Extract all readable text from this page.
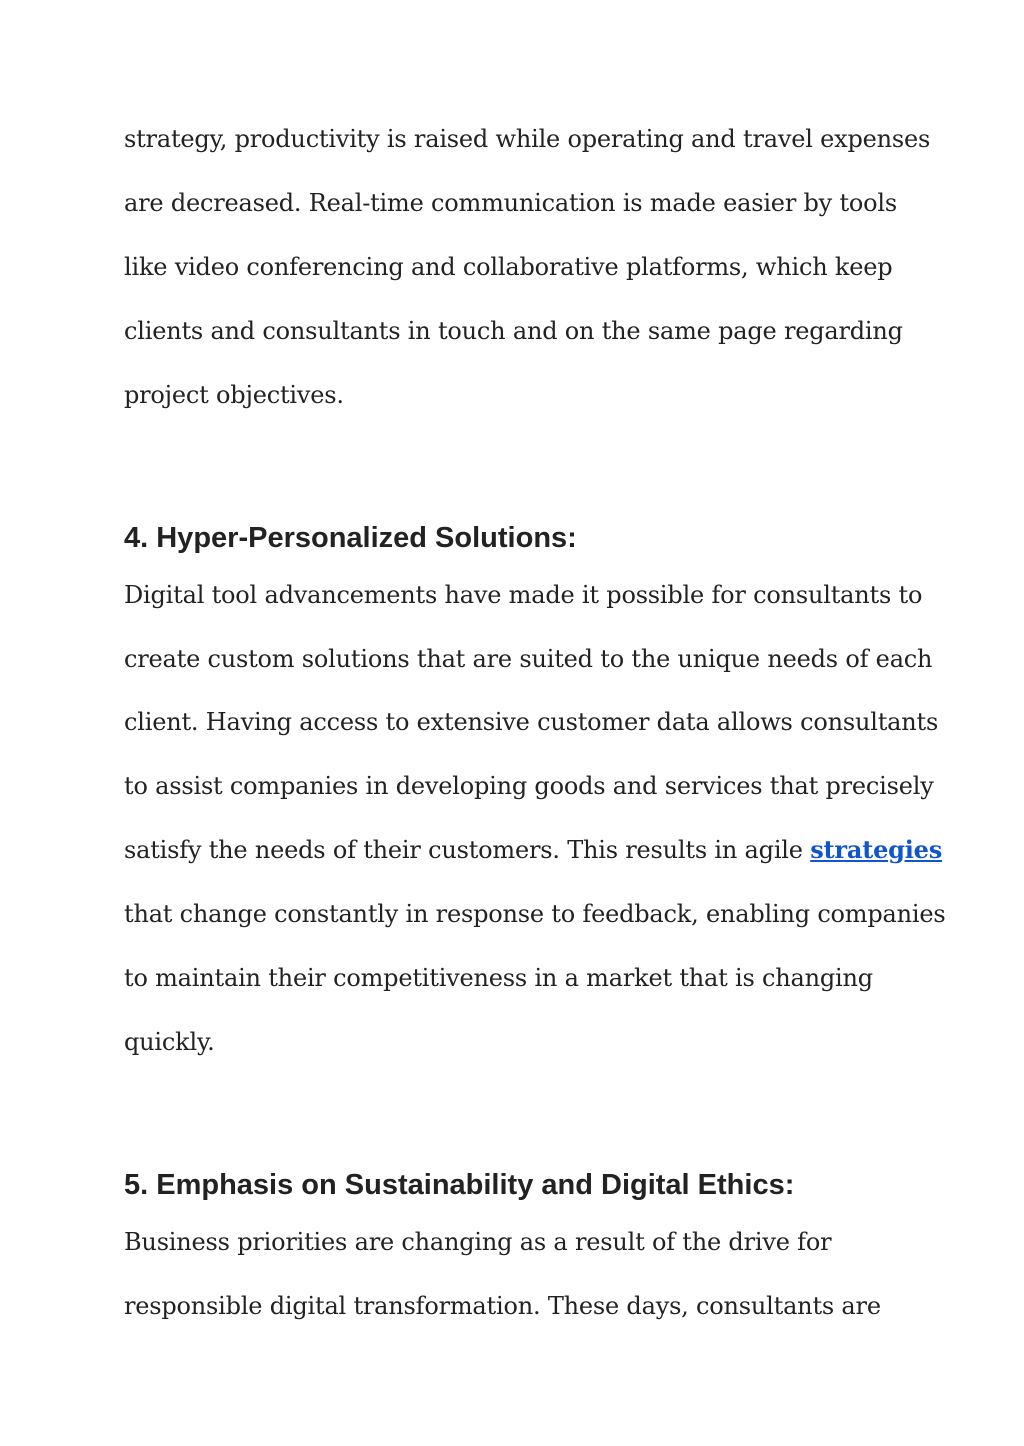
strategy, productivity is raised while operating and travel expenses

are decreased. Real-time communication is made easier by tools

like video conferencing and collaborative platforms, which keep

clients and consultants in touch and on the same page regarding

project objectives.

4. Hyper-Personalized Solutions:

Digital tool advancements have made it possible for consultants to

create custom solutions that are suited to the unique needs of each

client. Having access to extensive customer data allows consultants

to assist companies in developing goods and services that precisely

satisfy the needs of their customers. This results in agile strategies

that change constantly in response to feedback, enabling companies

to maintain their competitiveness in a market that is changing

quickly.

5. Emphasis on Sustainability and Digital Ethics:

Business priorities are changing as a result of the drive for

responsible digital transformation. These days, consultants are
